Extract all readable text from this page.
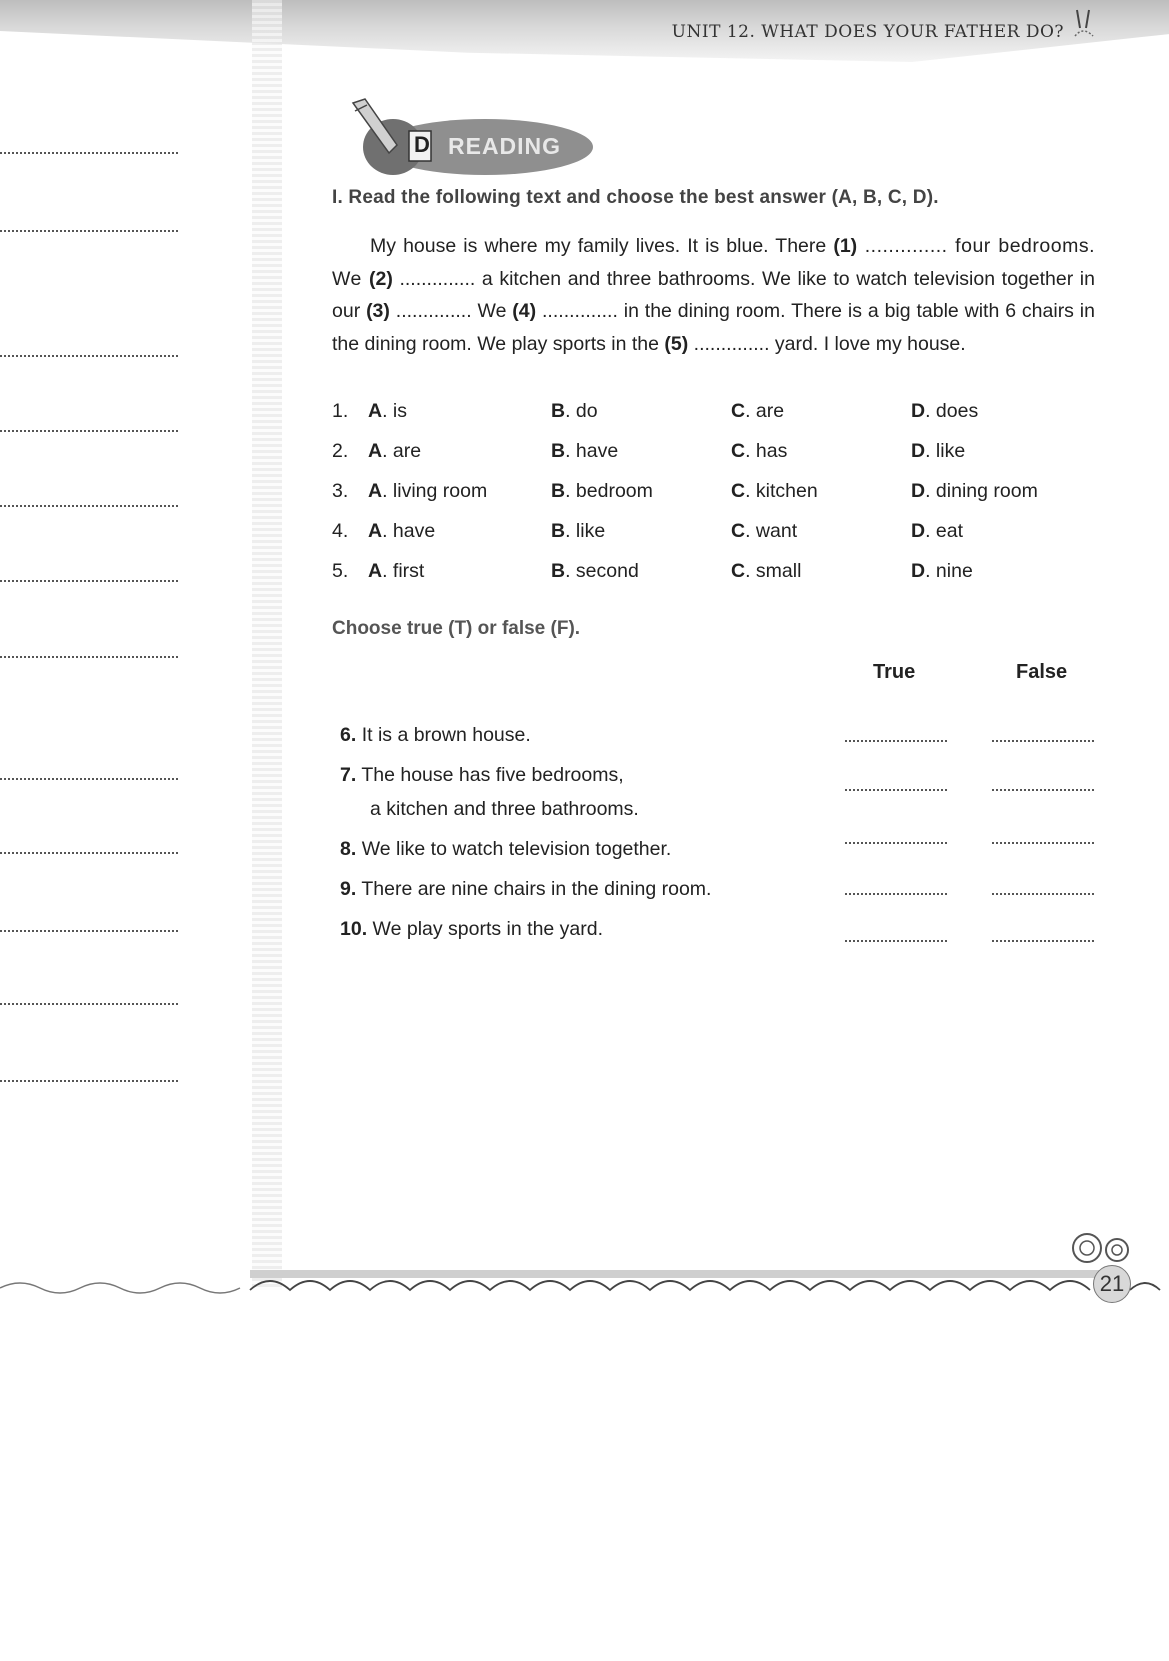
UNIT 12. WHAT DOES YOUR FATHER DO?
D READING
I. Read the following text and choose the best answer (A, B, C, D).

My house is where my family lives. It is blue. There (1) .............. four bedrooms. We (2) .............. a kitchen and three bathrooms. We like to watch television together in our (3) .............. We (4) .............. in the dining room. There is a big table with 6 chairs in the dining room. We play sports in the (5) .............. yard. I love my house.

1. A. is	B. do	C. are	D. does
2. A. are	B. have	C. has	D. like
3. A. living room	B. bedroom	C. kitchen	D. dining room
4. A. have	B. like	C. want	D. eat
5. A. first	B. second	C. small	D. nine
Choose true (T) or false (F).
True	False
6. It is a brown house.
7. The house has five bedrooms,
a kitchen and three bathrooms.
8. We like to watch television together.
9. There are nine chairs in the dining room.
10. We play sports in the yard.
21
